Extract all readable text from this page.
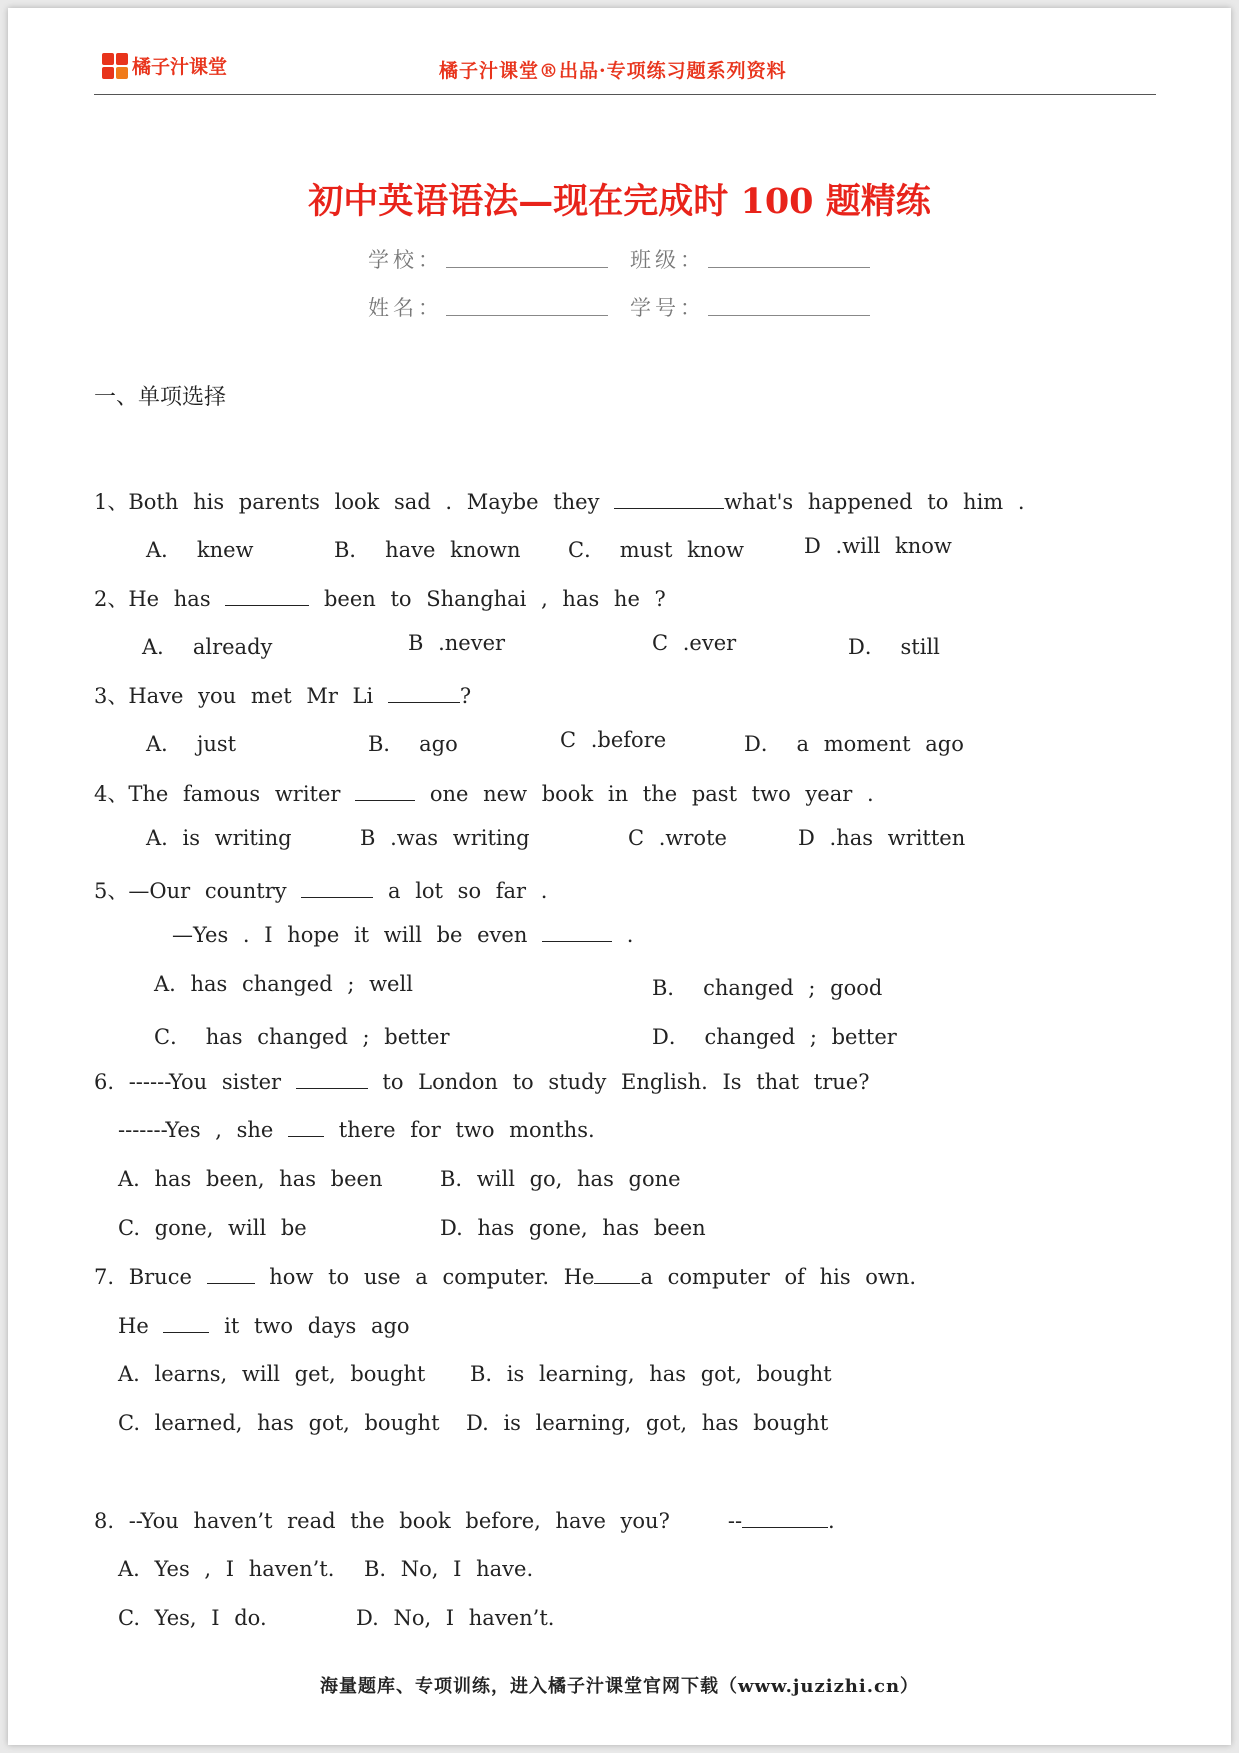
橘子汁课堂	橘子汁课堂®出品·专项练习题系列资料
初中英语语法—现在完成时 100 题精练
学校：	班级：
姓名：	学号：
一、单项选择
1、Both his parents look sad . Maybe they	what's happened to him .
A． knew	B． have known C． must know	D .will know
2、He has	been to Shanghai , has he ?
A． already	B .never	C .ever	D． still
3、Have you met Mr Li	?
A． just	B． ago	C .before	D． a moment ago
4、The famous writer	one new book in the past two year .
A. is writing	B .was writing	C .wrote	D .has written
5、—Our country	a lot so far .
—Yes . I hope it will be even	.
A. has changed ; well	B． changed ; good
C． has changed ; better	D． changed ; better
6. ------You sister	to London to study English. Is that true?
-------Yes , she	there for two months.
A. has been, has been	B. will go, has gone
C. gone, will be	D. has gone, has been
7. Bruce	how to use a computer. He a computer of his own.
He	it two days ago
A. learns, will get, bought B. is learning, has got, bought
C. learned, has got, bought D. is learning, got, has bought
8. --You haven’t read the book before, have you?	--	.
A. Yes , I haven’t. B. No, I have.
C. Yes, I do.	D. No, I haven’t.
海量题库、专项训练，进入橘子汁课堂官网下载（www.juzizhi.cn）
